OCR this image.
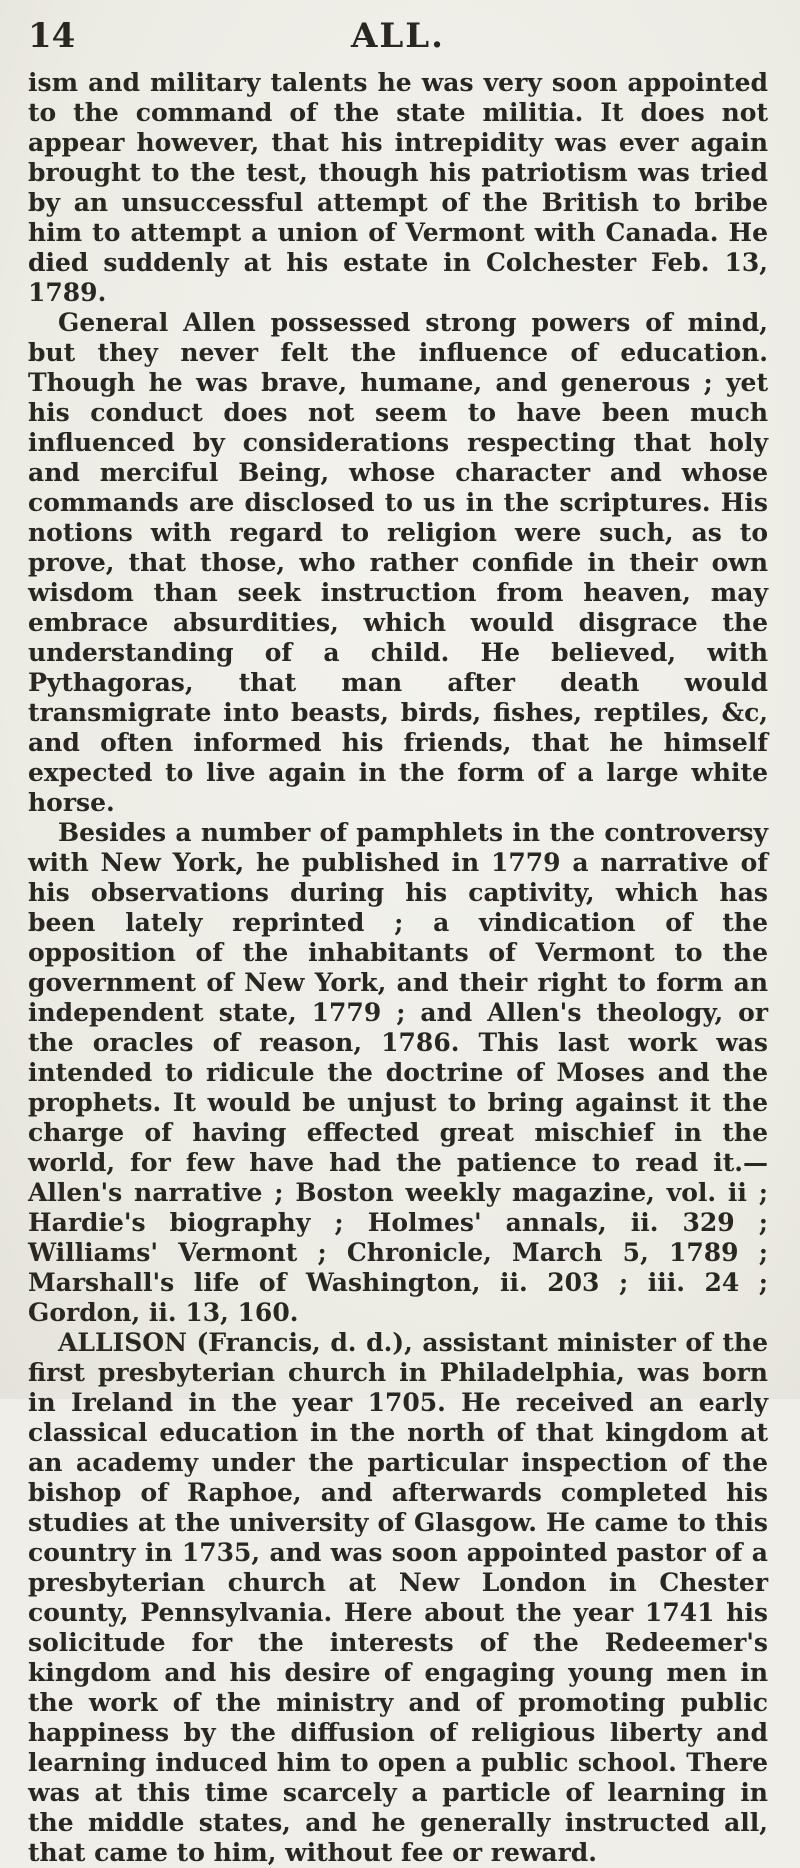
14	ALL.

ism and military talents he was very soon appointed to the command of the state militia. It does not appear however, that his intrepidity was ever again brought to the test, though his patriotism was tried by an unsuccessful attempt of the British to bribe him to attempt a union of Vermont with Canada. He died suddenly at his estate in Colchester Feb. 13, 1789.

General Allen possessed strong powers of mind, but they never felt the influence of education. Though he was brave, humane, and generous ; yet his conduct does not seem to have been much influenced by considerations respecting that holy and merciful Being, whose character and whose commands are disclosed to us in the scriptures. His notions with regard to religion were such, as to prove, that those, who rather confide in their own wisdom than seek instruction from heaven, may embrace absurdities, which would disgrace the understanding of a child. He believed, with Pythagoras, that man after death would transmigrate into beasts, birds, fishes, reptiles, &c, and often informed his friends, that he himself expected to live again in the form of a large white horse.

Besides a number of pamphlets in the controversy with New York, he published in 1779 a narrative of his observations during his captivity, which has been lately reprinted ; a vindication of the opposition of the inhabitants of Vermont to the government of New York, and their right to form an independent state, 1779 ; and Allen's theology, or the oracles of reason, 1786. This last work was intended to ridicule the doctrine of Moses and the prophets. It would be unjust to bring against it the charge of having effected great mischief in the world, for few have had the patience to read it.—Allen's narrative ; Boston weekly magazine, vol. ii ; Hardie's biography ; Holmes' annals, ii. 329 ; Williams' Vermont ; Chronicle, March 5, 1789 ; Marshall's life of Washington, ii. 203 ; iii. 24 ; Gordon, ii. 13, 160.

ALLISON (Francis, d. d.), assistant minister of the first presbyterian church in Philadelphia, was born in Ireland in the year 1705. He received an early classical education in the north of that kingdom at an academy under the particular inspection of the bishop of Raphoe, and afterwards completed his studies at the university of Glasgow. He came to this country in 1735, and was soon appointed pastor of a presbyterian church at New London in Chester county, Pennsylvania. Here about the year 1741 his solicitude for the interests of the Redeemer's kingdom and his desire of engaging young men in the work of the ministry and of promoting public happiness by the diffusion of religious liberty and learning induced him to open a public school. There was at this time scarcely a particle of learning in the middle states, and he generally instructed all, that came to him, without fee or reward.
